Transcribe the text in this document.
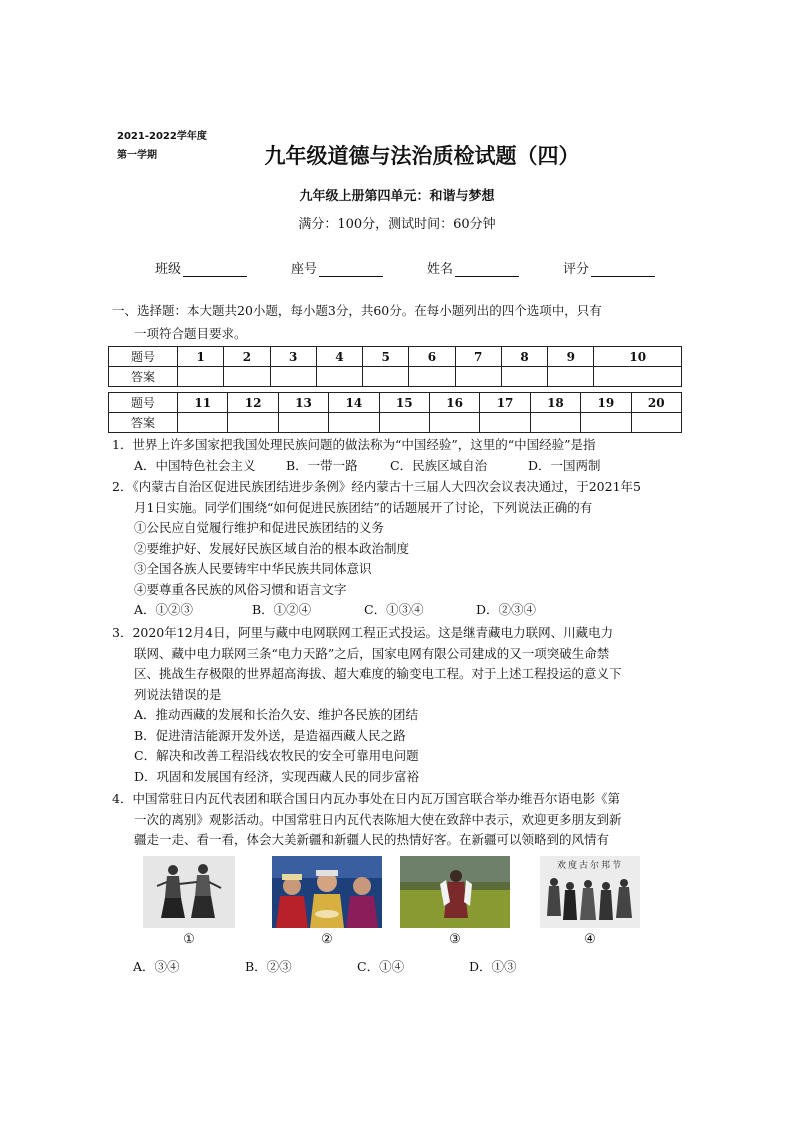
2021-2022学年度
第一学期	九年级道德与法治质检试题（四）
九年级上册第四单元：和谐与梦想
满分：100分，测试时间：60分钟
班级	座号	姓名	评分
一、选择题：本大题共20小题，每小题3分，共60分。在每小题列出的四个选项中，只有
一项符合题目要求。
题号	1	2	3	4	5	6	7	8	9	10
答案										
题号	11	12	13	14	15	16	17	18	19	20
答案										
1．世界上许多国家把我国处理民族问题的做法称为“中国经验”，这里的“中国经验”是指
A．中国特色社会主义	B．一带一路	C．民族区域自治	D．一国两制
2．《内蒙古自治区促进民族团结进步条例》经内蒙古十三届人大四次会议表决通过，于2021年5
月1日实施。同学们围绕“如何促进民族团结”的话题展开了讨论，下列说法正确的有
①公民应自觉履行维护和促进民族团结的义务
②要维护好、发展好民族区域自治的根本政治制度
③全国各族人民要铸牢中华民族共同体意识
④要尊重各民族的风俗习惯和语言文字
A．①②③	B．①②④	C．①③④	D．②③④
3．2020年12月4日，阿里与藏中电网联网工程正式投运。这是继青藏电力联网、川藏电力
联网、藏中电力联网三条“电力天路”之后，国家电网有限公司建成的又一项突破生命禁
区、挑战生存极限的世界超高海拔、超大难度的输变电工程。对于上述工程投运的意义下
列说法错误的是
A．推动西藏的发展和长治久安、维护各民族的团结
B．促进清洁能源开发外送，是造福西藏人民之路
C．解决和改善工程沿线农牧民的安全可靠用电问题
D．巩固和发展国有经济，实现西藏人民的同步富裕
4．中国常驻日内瓦代表团和联合国日内瓦办事处在日内瓦万国宫联合举办维吾尔语电影《第
一次的离别》观影活动。中国常驻日内瓦代表陈旭大使在致辞中表示，欢迎更多朋友到新
疆走一走、看一看，体会大美新疆和新疆人民的热情好客。在新疆可以领略到的风情有
欢度古尔邦节
①	②	③	④
A．③④	B．②③	C．①④	D．①③
